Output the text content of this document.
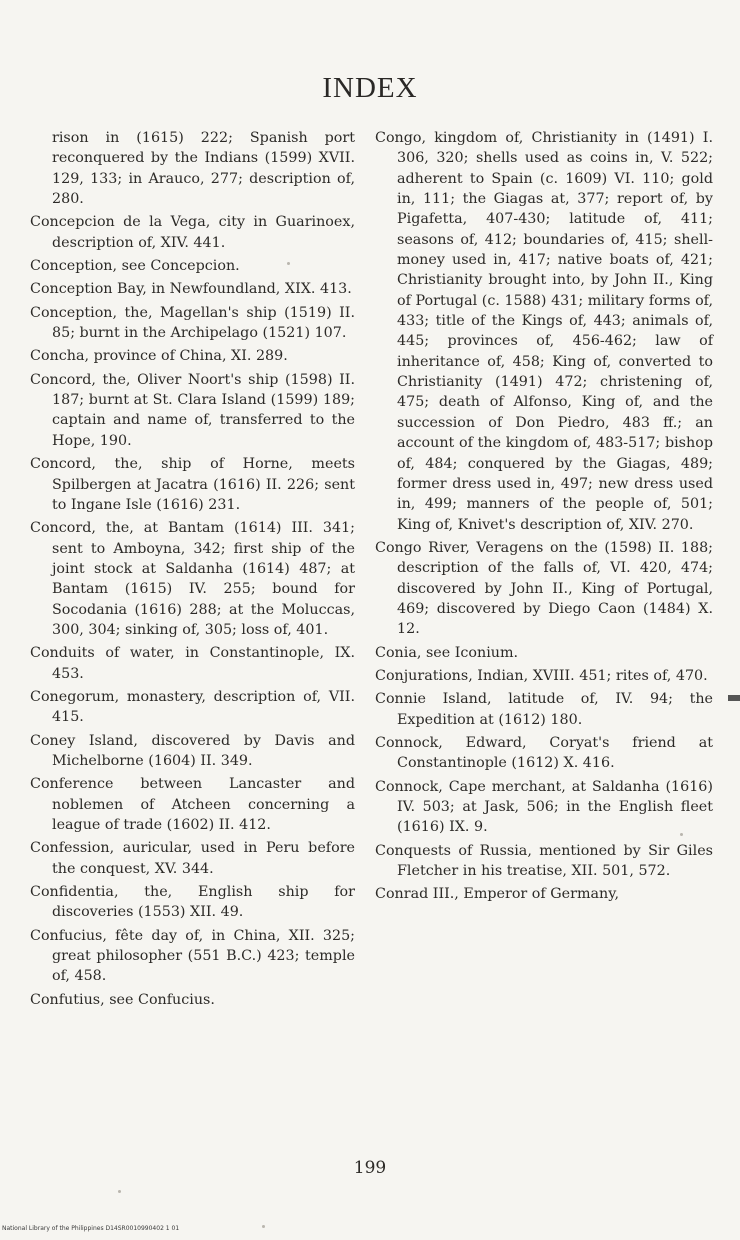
INDEX

rison in (1615) 222; Spanish port reconquered by the Indians (1599) XVII. 129, 133; in Arauco, 277; description of, 280.

Concepcion de la Vega, city in Guarinoex, description of, XIV. 441.

Conception, see Concepcion.

Conception Bay, in Newfoundland, XIX. 413.

Conception, the, Magellan's ship (1519) II. 85; burnt in the Archipelago (1521) 107.

Concha, province of China, XI. 289.

Concord, the, Oliver Noort's ship (1598) II. 187; burnt at St. Clara Island (1599) 189; captain and name of, transferred to the Hope, 190.

Concord, the, ship of Horne, meets Spilbergen at Jacatra (1616) II. 226; sent to Ingane Isle (1616) 231.

Concord, the, at Bantam (1614) III. 341; sent to Amboyna, 342; first ship of the joint stock at Saldanha (1614) 487; at Bantam (1615) IV. 255; bound for Socodania (1616) 288; at the Moluccas, 300, 304; sinking of, 305; loss of, 401.

Conduits of water, in Constantinople, IX. 453.

Conegorum, monastery, description of, VII. 415.

Coney Island, discovered by Davis and Michelborne (1604) II. 349.

Conference between Lancaster and noblemen of Atcheen concerning a league of trade (1602) II. 412.

Confession, auricular, used in Peru before the conquest, XV. 344.

Confidentia, the, English ship for discoveries (1553) XII. 49.

Confucius, fête day of, in China, XII. 325; great philosopher (551 B.C.) 423; temple of, 458.

Confutius, see Confucius.

Congo, kingdom of, Christianity in (1491) I. 306, 320; shells used as coins in, V. 522; adherent to Spain (c. 1609) VI. 110; gold in, 111; the Giagas at, 377; report of, by Pigafetta, 407-430; latitude of, 411; seasons of, 412; boundaries of, 415; shell-money used in, 417; native boats of, 421; Christianity brought into, by John II., King of Portugal (c. 1588) 431; military forms of, 433; title of the Kings of, 443; animals of, 445; provinces of, 456-462; law of inheritance of, 458; King of, converted to Christianity (1491) 472; christening of, 475; death of Alfonso, King of, and the succession of Don Piedro, 483 ff.; an account of the kingdom of, 483-517; bishop of, 484; conquered by the Giagas, 489; former dress used in, 497; new dress used in, 499; manners of the people of, 501; King of, Knivet's description of, XIV. 270.

Congo River, Veragens on the (1598) II. 188; description of the falls of, VI. 420, 474; discovered by John II., King of Portugal, 469; discovered by Diego Caon (1484) X. 12.

Conia, see Iconium.

Conjurations, Indian, XVIII. 451; rites of, 470.

Connie Island, latitude of, IV. 94; the Expedition at (1612) 180.

Connock, Edward, Coryat's friend at Constantinople (1612) X. 416.

Connock, Cape merchant, at Saldanha (1616) IV. 503; at Jask, 506; in the English fleet (1616) IX. 9.

Conquests of Russia, mentioned by Sir Giles Fletcher in his treatise, XII. 501, 572.

Conrad III., Emperor of Germany,

199
National Library of the Philippines D14SR0010990402 1 01
